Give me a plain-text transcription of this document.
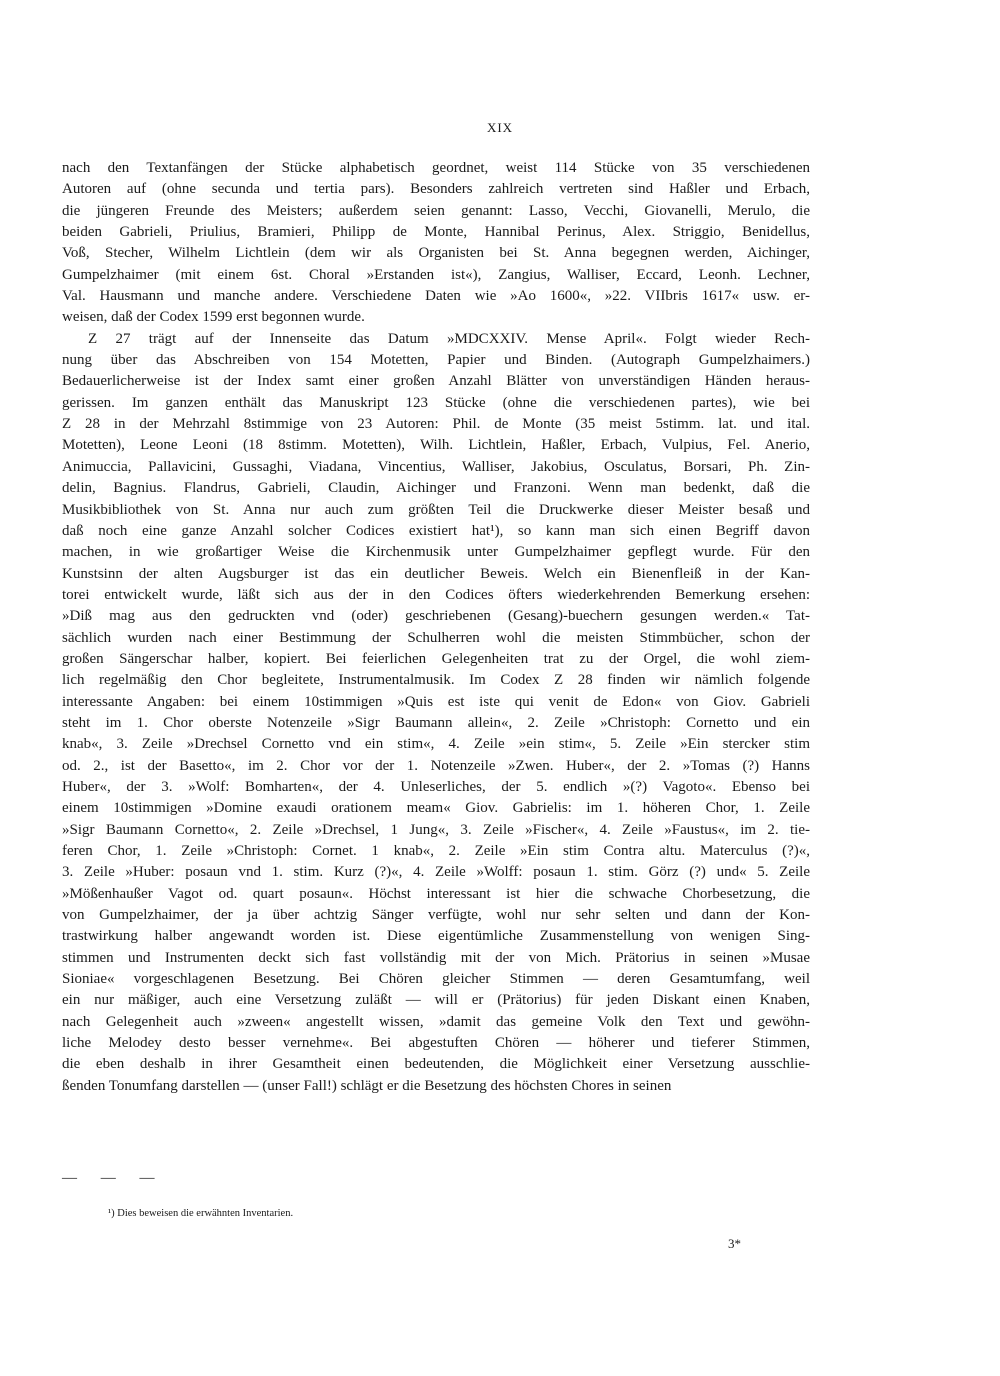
XIX
nach den Textanfängen der Stücke alphabetisch geordnet, weist 114 Stücke von 35 verschiedenen
Autoren auf (ohne secunda und tertia pars). Besonders zahlreich vertreten sind Haßler und Erbach,
die jüngeren Freunde des Meisters; außerdem seien genannt: Lasso, Vecchi, Giovanelli, Merulo, die
beiden Gabrieli, Priulius, Bramieri, Philipp de Monte, Hannibal Perinus, Alex. Striggio, Benidellus,
Voß, Stecher, Wilhelm Lichtlein (dem wir als Organisten bei St. Anna begegnen werden, Aichinger,
Gumpelzhaimer (mit einem 6st. Choral »Erstanden ist«), Zangius, Walliser, Eccard, Leonh. Lechner,
Val. Hausmann und manche andere. Verschiedene Daten wie »Ao 1600«, »22. VIIbris 1617« usw. er-
weisen, daß der Codex 1599 erst begonnen wurde.
Z 27 trägt auf der Innenseite das Datum »MDCXXIV. Mense April«. Folgt wieder Rech-
nung über das Abschreiben von 154 Motetten, Papier und Binden. (Autograph Gumpelzhaimers.)
Bedauerlicherweise ist der Index samt einer großen Anzahl Blätter von unverständigen Händen heraus-
gerissen. Im ganzen enthält das Manuskript 123 Stücke (ohne die verschiedenen partes), wie bei
Z 28 in der Mehrzahl 8stimmige von 23 Autoren: Phil. de Monte (35 meist 5stimm. lat. und ital.
Motetten), Leone Leoni (18 8stimm. Motetten), Wilh. Lichtlein, Haßler, Erbach, Vulpius, Fel. Anerio,
Animuccia, Pallavicini, Gussaghi, Viadana, Vincentius, Walliser, Jakobius, Osculatus, Borsari, Ph. Zin-
delin, Bagnius. Flandrus, Gabrieli, Claudin, Aichinger und Franzoni. Wenn man bedenkt, daß die
Musikbibliothek von St. Anna nur auch zum größten Teil die Druckwerke dieser Meister besaß und
daß noch eine ganze Anzahl solcher Codices existiert hat¹), so kann man sich einen Begriff davon
machen, in wie großartiger Weise die Kirchenmusik unter Gumpelzhaimer gepflegt wurde. Für den
Kunstsinn der alten Augsburger ist das ein deutlicher Beweis. Welch ein Bienenfleiß in der Kan-
torei entwickelt wurde, läßt sich aus der in den Codices öfters wiederkehrenden Bemerkung ersehen:
»Diß mag aus den gedruckten vnd (oder) geschriebenen (Gesang)-buechern gesungen werden.« Tat-
sächlich wurden nach einer Bestimmung der Schulherren wohl die meisten Stimmbücher, schon der
großen Sängerschar halber, kopiert. Bei feierlichen Gelegenheiten trat zu der Orgel, die wohl ziem-
lich regelmäßig den Chor begleitete, Instrumentalmusik. Im Codex Z 28 finden wir nämlich folgende
interessante Angaben: bei einem 10stimmigen »Quis est iste qui venit de Edon« von Giov. Gabrieli
steht im 1. Chor oberste Notenzeile »Sigr Baumann allein«, 2. Zeile »Christoph: Cornetto und ein
knab«, 3. Zeile »Drechsel Cornetto vnd ein stim«, 4. Zeile »ein stim«, 5. Zeile »Ein stercker stim
od. 2., ist der Basetto«, im 2. Chor vor der 1. Notenzeile »Zwen. Huber«, der 2. »Tomas (?) Hanns
Huber«, der 3. »Wolf: Bomharten«, der 4. Unleserliches, der 5. endlich »(?) Vagoto«. Ebenso bei
einem 10stimmigen »Domine exaudi orationem meam« Giov. Gabrielis: im 1. höheren Chor, 1. Zeile
»Sigr Baumann Cornetto«, 2. Zeile »Drechsel, 1 Jung«, 3. Zeile »Fischer«, 4. Zeile »Faustus«, im 2. tie-
feren Chor, 1. Zeile »Christoph: Cornet. 1 knab«, 2. Zeile »Ein stim Contra altu. Materculus (?)«,
3. Zeile »Huber: posaun vnd 1. stim. Kurz (?)«, 4. Zeile »Wolff: posaun 1. stim. Görz (?) und« 5. Zeile
»Mößenhaußer Vagot od. quart posaun«. Höchst interessant ist hier die schwache Chorbesetzung, die
von Gumpelzhaimer, der ja über achtzig Sänger verfügte, wohl nur sehr selten und dann der Kon-
trastwirkung halber angewandt worden ist. Diese eigentümliche Zusammenstellung von wenigen Sing-
stimmen und Instrumenten deckt sich fast vollständig mit der von Mich. Prätorius in seinen »Musae
Sioniae« vorgeschlagenen Besetzung. Bei Chören gleicher Stimmen — deren Gesamtumfang, weil
ein nur mäßiger, auch eine Versetzung zuläßt — will er (Prätorius) für jeden Diskant einen Knaben,
nach Gelegenheit auch »zween« angestellt wissen, »damit das gemeine Volk den Text und gewöhn-
liche Melodey desto besser vernehme«. Bei abgestuften Chören — höherer und tieferer Stimmen,
die eben deshalb in ihrer Gesamtheit einen bedeutenden, die Möglichkeit einer Versetzung ausschlie-
ßenden Tonumfang darstellen — (unser Fall!) schlägt er die Besetzung des höchsten Chores in seinen
— — —
¹) Dies beweisen die erwähnten Inventarien.
3*
